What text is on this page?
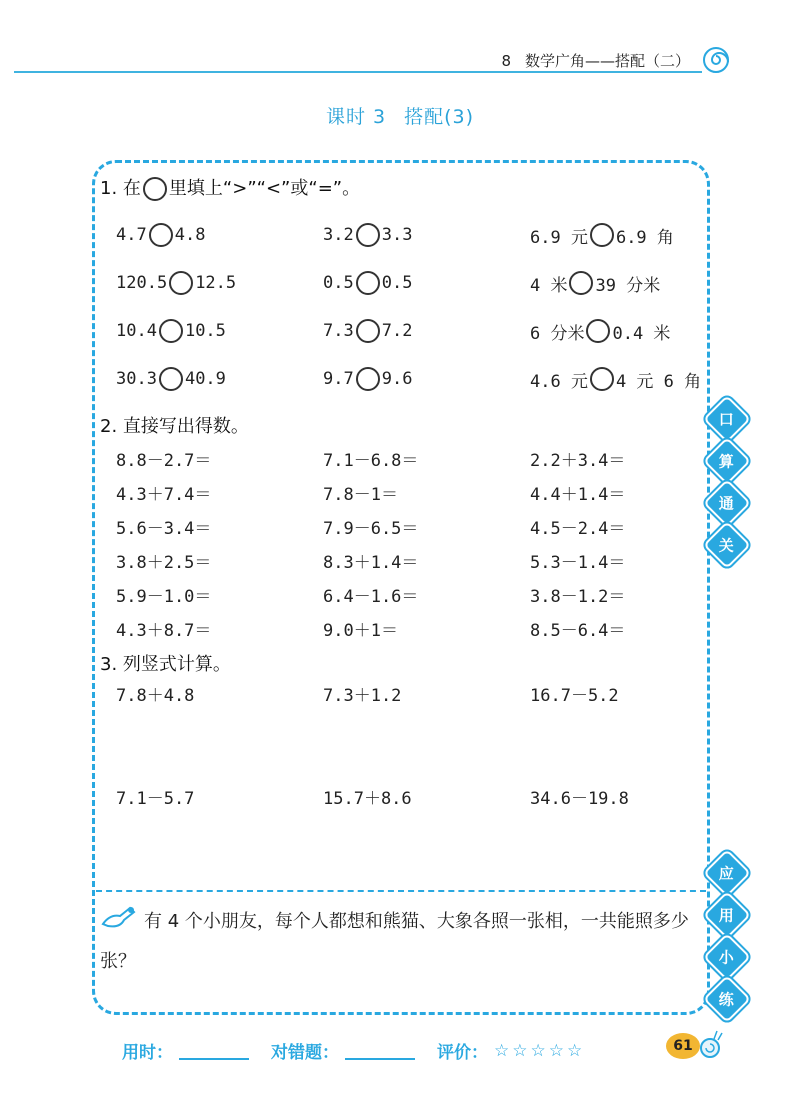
8 数学广角——搭配（二）
课时 3 搭配(3)
1. 在 里填上“>”“<”或“=”。
4.7 4.8	3.2 3.3	6.9 元 6.9 角
120.5 12.5	0.5 0.5	4 米 39 分米
10.4 10.5	7.3 7.2	6 分米 0.4 米
30.3 40.9	9.7 9.6	4.6 元 4 元 6 角
2. 直接写出得数。
8.8－2.7＝	7.1－6.8＝	2.2＋3.4＝
4.3＋7.4＝	7.8－1＝	4.4＋1.4＝
5.6－3.4＝	7.9－6.5＝	4.5－2.4＝
3.8＋2.5＝	8.3＋1.4＝	5.3－1.4＝
5.9－1.0＝	6.4－1.6＝	3.8－1.2＝
4.3＋8.7＝	9.0＋1＝	8.5－6.4＝
3. 列竖式计算。
7.8＋4.8	7.3＋1.2	16.7－5.2
7.1－5.7	15.7＋8.6	34.6－19.8
口
算
通
关
应
用
小
练
有 4 个小朋友，每个人都想和熊猫、大象各照一张相，一共能照多少张？
用时：	对错题：	评价： ☆☆☆☆☆	61
